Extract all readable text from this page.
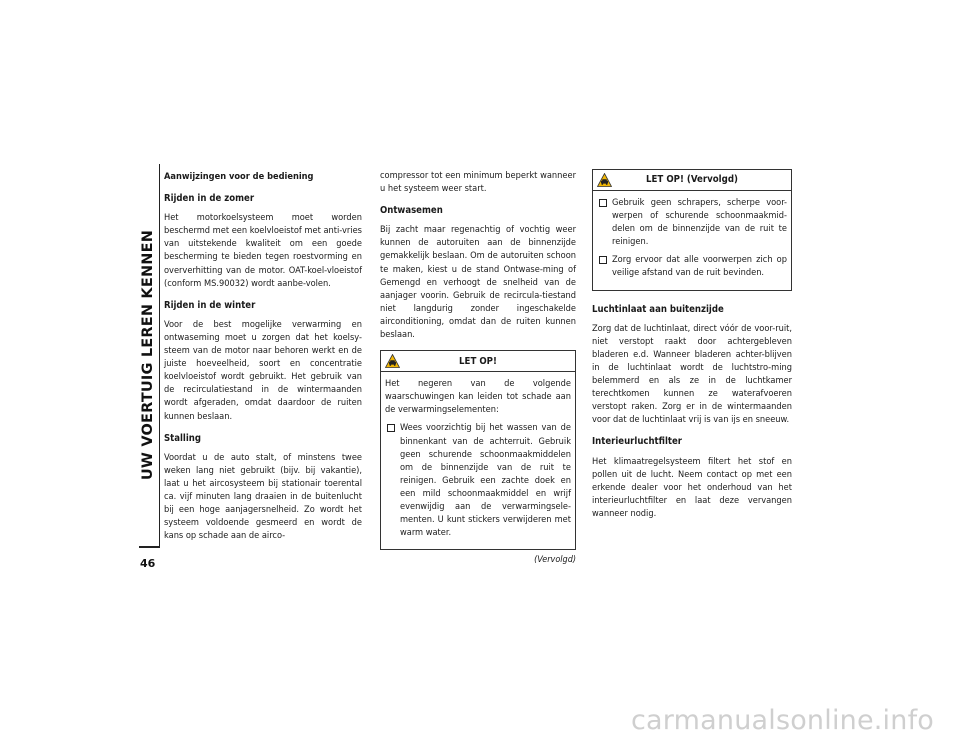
UW VOERTUIG LEREN KENNEN
46
Aanwijzingen voor de bediening
Rijden in de zomer

Het motorkoelsysteem moet worden beschermd met een koelvloeistof met anti-vries van uitstekende kwaliteit om een goede bescherming te bieden tegen roestvorming en oververhitting van de motor. OAT-koel-vloeistof (conform MS.90032) wordt aanbe-volen.

Rijden in de winter

Voor de best mogelijke verwarming en ontwaseming moet u zorgen dat het koelsy-steem van de motor naar behoren werkt en de juiste hoeveelheid, soort en concentratie koelvloeistof wordt gebruikt. Het gebruik van de recirculatiestand in de wintermaanden wordt afgeraden, omdat daardoor de ruiten kunnen beslaan.

Stalling

Voordat u de auto stalt, of minstens twee weken lang niet gebruikt (bijv. bij vakantie), laat u het aircosysteem bij stationair toerental ca. vijf minuten lang draaien in de buitenlucht bij een hoge aanjagersnelheid. Zo wordt het systeem voldoende gesmeerd en wordt de kans op schade aan de airco-

compressor tot een minimum beperkt wanneer u het systeem weer start.

Ontwasemen

Bij zacht maar regenachtig of vochtig weer kunnen de autoruiten aan de binnenzijde gemakkelijk beslaan. Om de autoruiten schoon te maken, kiest u de stand Ontwase-ming of Gemengd en verhoogt de snelheid van de aanjager voorin. Gebruik de recircula-tiestand niet langdurig zonder ingeschakelde airconditioning, omdat dan de ruiten kunnen beslaan.

LET OP!

Het negeren van de volgende waarschuwingen kan leiden tot schade aan de verwarmingselementen:

Wees voorzichtig bij het wassen van de binnenkant van de achterruit. Gebruik geen schurende schoonmaakmiddelen om de binnenzijde van de ruit te reinigen. Gebruik een zachte doek en een mild schoonmaakmiddel en wrijf evenwijdig aan de verwarmingsele-menten. U kunt stickers verwijderen met warm water.
(Vervolgd)
LET OP! (Vervolgd)
Gebruik geen schrapers, scherpe voor-werpen of schurende schoonmaakmid-delen om de binnenzijde van de ruit te reinigen.
Zorg ervoor dat alle voorwerpen zich op veilige afstand van de ruit bevinden.
Luchtinlaat aan buitenzijde

Zorg dat de luchtinlaat, direct vóór de voor-ruit, niet verstopt raakt door achtergebleven bladeren e.d. Wanneer bladeren achter-blijven in de luchtinlaat wordt de luchtstro-ming belemmerd en als ze in de luchtkamer terechtkomen kunnen ze waterafvoeren verstopt raken. Zorg er in de wintermaanden voor dat de luchtinlaat vrij is van ijs en sneeuw.

Interieurluchtfilter

Het klimaatregelsysteem filtert het stof en pollen uit de lucht. Neem contact op met een erkende dealer voor het onderhoud van het interieurluchtfilter en laat deze vervangen wanneer nodig.

carmanualsonline.info
